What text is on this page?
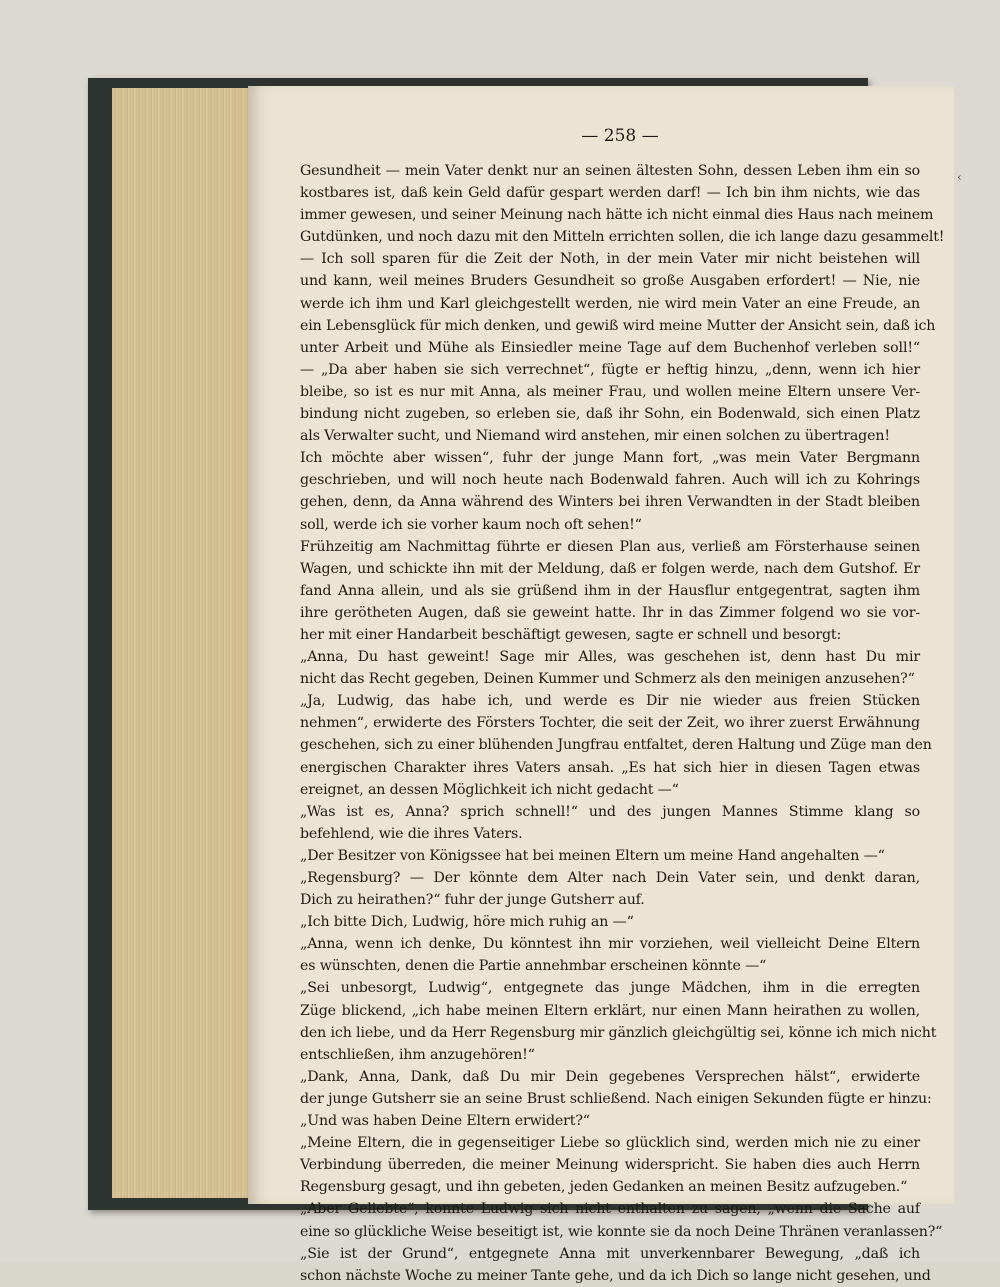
‹
— 258 —
Gesundheit — mein Vater denkt nur an seinen ältesten Sohn, dessen Leben ihm ein so
kostbares ist, daß kein Geld dafür gespart werden darf! — Ich bin ihm nichts, wie das
immer gewesen, und seiner Meinung nach hätte ich nicht einmal dies Haus nach meinem
Gutdünken, und noch dazu mit den Mitteln errichten sollen, die ich lange dazu gesammelt!
— Ich soll sparen für die Zeit der Noth, in der mein Vater mir nicht beistehen will
und kann, weil meines Bruders Gesundheit so große Ausgaben erfordert! — Nie, nie
werde ich ihm und Karl gleichgestellt werden, nie wird mein Vater an eine Freude, an
ein Lebensglück für mich denken, und gewiß wird meine Mutter der Ansicht sein, daß ich
unter Arbeit und Mühe als Einsiedler meine Tage auf dem Buchenhof verleben soll!“
— „Da aber haben sie sich verrechnet“, fügte er heftig hinzu, „denn, wenn ich hier
bleibe, so ist es nur mit Anna, als meiner Frau, und wollen meine Eltern unsere Ver-
bindung nicht zugeben, so erleben sie, daß ihr Sohn, ein Bodenwald, sich einen Platz
als Verwalter sucht, und Niemand wird anstehen, mir einen solchen zu übertragen!
Ich möchte aber wissen“, fuhr der junge Mann fort, „was mein Vater Bergmann
geschrieben, und will noch heute nach Bodenwald fahren. Auch will ich zu Kohrings
gehen, denn, da Anna während des Winters bei ihren Verwandten in der Stadt bleiben
soll, werde ich sie vorher kaum noch oft sehen!“
Frühzeitig am Nachmittag führte er diesen Plan aus, verließ am Försterhause seinen
Wagen, und schickte ihn mit der Meldung, daß er folgen werde, nach dem Gutshof. Er
fand Anna allein, und als sie grüßend ihm in der Hausflur entgegentrat, sagten ihm
ihre gerötheten Augen, daß sie geweint hatte. Ihr in das Zimmer folgend wo sie vor-
her mit einer Handarbeit beschäftigt gewesen, sagte er schnell und besorgt:
„Anna, Du hast geweint! Sage mir Alles, was geschehen ist, denn hast Du mir
nicht das Recht gegeben, Deinen Kummer und Schmerz als den meinigen anzusehen?“
„Ja, Ludwig, das habe ich, und werde es Dir nie wieder aus freien Stücken
nehmen“, erwiderte des Försters Tochter, die seit der Zeit, wo ihrer zuerst Erwähnung
geschehen, sich zu einer blühenden Jungfrau entfaltet, deren Haltung und Züge man den
energischen Charakter ihres Vaters ansah. „Es hat sich hier in diesen Tagen etwas
ereignet, an dessen Möglichkeit ich nicht gedacht —“
„Was ist es, Anna? sprich schnell!“ und des jungen Mannes Stimme klang so
befehlend, wie die ihres Vaters.
„Der Besitzer von Königssee hat bei meinen Eltern um meine Hand angehalten —“
„Regensburg? — Der könnte dem Alter nach Dein Vater sein, und denkt daran,
Dich zu heirathen?“ fuhr der junge Gutsherr auf.
„Ich bitte Dich, Ludwig, höre mich ruhig an —“
„Anna, wenn ich denke, Du könntest ihn mir vorziehen, weil vielleicht Deine Eltern
es wünschten, denen die Partie annehmbar erscheinen könnte —“
„Sei unbesorgt, Ludwig“, entgegnete das junge Mädchen, ihm in die erregten
Züge blickend, „ich habe meinen Eltern erklärt, nur einen Mann heirathen zu wollen,
den ich liebe, und da Herr Regensburg mir gänzlich gleichgültig sei, könne ich mich nicht
entschließen, ihm anzugehören!“
„Dank, Anna, Dank, daß Du mir Dein gegebenes Versprechen hälst“, erwiderte
der junge Gutsherr sie an seine Brust schließend. Nach einigen Sekunden fügte er hinzu:
„Und was haben Deine Eltern erwidert?“
„Meine Eltern, die in gegenseitiger Liebe so glücklich sind, werden mich nie zu einer
Verbindung überreden, die meiner Meinung widerspricht. Sie haben dies auch Herrn
Regensburg gesagt, und ihn gebeten, jeden Gedanken an meinen Besitz aufzugeben.“
„Aber Geliebte“, konnte Ludwig sich nicht enthalten zu sagen, „wenn die Sache auf
eine so glückliche Weise beseitigt ist, wie konnte sie da noch Deine Thränen veranlassen?“
„Sie ist der Grund“, entgegnete Anna mit unverkennbarer Bewegung, „daß ich
schon nächste Woche zu meiner Tante gehe, und da ich Dich so lange nicht gesehen, und
